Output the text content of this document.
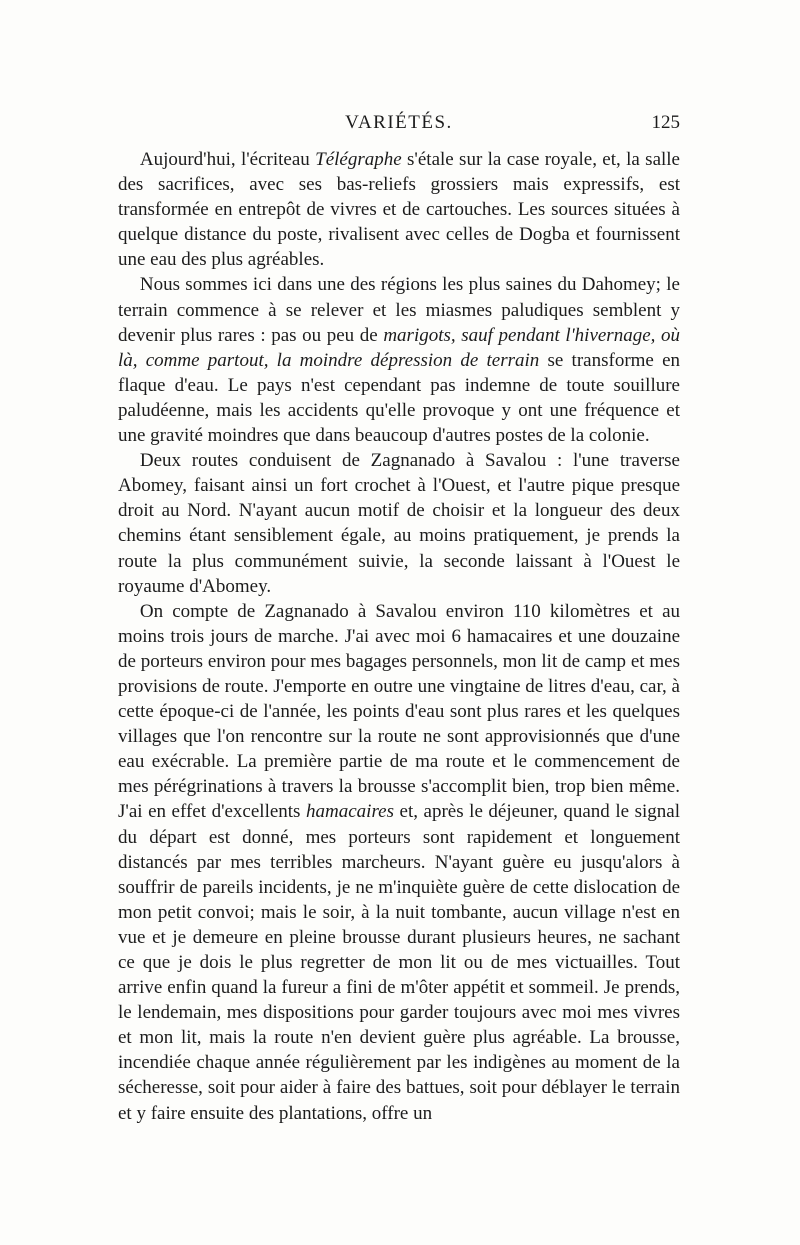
VARIÉTÉS.	125

Aujourd'hui, l'écriteau Télégraphe s'étale sur la case royale, et, la salle des sacrifices, avec ses bas-reliefs grossiers mais expressifs, est transformée en entrepôt de vivres et de cartouches. Les sources situées à quelque distance du poste, rivalisent avec celles de Dogba et fournissent une eau des plus agréables.

Nous sommes ici dans une des régions les plus saines du Dahomey; le terrain commence à se relever et les miasmes paludiques semblent y devenir plus rares : pas ou peu de marigots, sauf pendant l'hivernage, où là, comme partout, la moindre dépression de terrain se transforme en flaque d'eau. Le pays n'est cependant pas indemne de toute souillure paludéenne, mais les accidents qu'elle provoque y ont une fréquence et une gravité moindres que dans beaucoup d'autres postes de la colonie.

Deux routes conduisent de Zagnanado à Savalou : l'une traverse Abomey, faisant ainsi un fort crochet à l'Ouest, et l'autre pique presque droit au Nord. N'ayant aucun motif de choisir et la longueur des deux chemins étant sensiblement égale, au moins pratiquement, je prends la route la plus communément suivie, la seconde laissant à l'Ouest le royaume d'Abomey.

On compte de Zagnanado à Savalou environ 110 kilomètres et au moins trois jours de marche. J'ai avec moi 6 hamacaires et une douzaine de porteurs environ pour mes bagages personnels, mon lit de camp et mes provisions de route. J'emporte en outre une vingtaine de litres d'eau, car, à cette époque-ci de l'année, les points d'eau sont plus rares et les quelques villages que l'on rencontre sur la route ne sont approvisionnés que d'une eau exécrable. La première partie de ma route et le commencement de mes pérégrinations à travers la brousse s'accomplit bien, trop bien même. J'ai en effet d'excellents hamacaires et, après le déjeuner, quand le signal du départ est donné, mes porteurs sont rapidement et longuement distancés par mes terribles marcheurs. N'ayant guère eu jusqu'alors à souffrir de pareils incidents, je ne m'inquiète guère de cette dislocation de mon petit convoi; mais le soir, à la nuit tombante, aucun village n'est en vue et je demeure en pleine brousse durant plusieurs heures, ne sachant ce que je dois le plus regretter de mon lit ou de mes victuailles. Tout arrive enfin quand la fureur a fini de m'ôter appétit et sommeil. Je prends, le lendemain, mes dispositions pour garder toujours avec moi mes vivres et mon lit, mais la route n'en devient guère plus agréable. La brousse, incendiée chaque année régulièrement par les indigènes au moment de la sécheresse, soit pour aider à faire des battues, soit pour déblayer le terrain et y faire ensuite des plantations, offre un
